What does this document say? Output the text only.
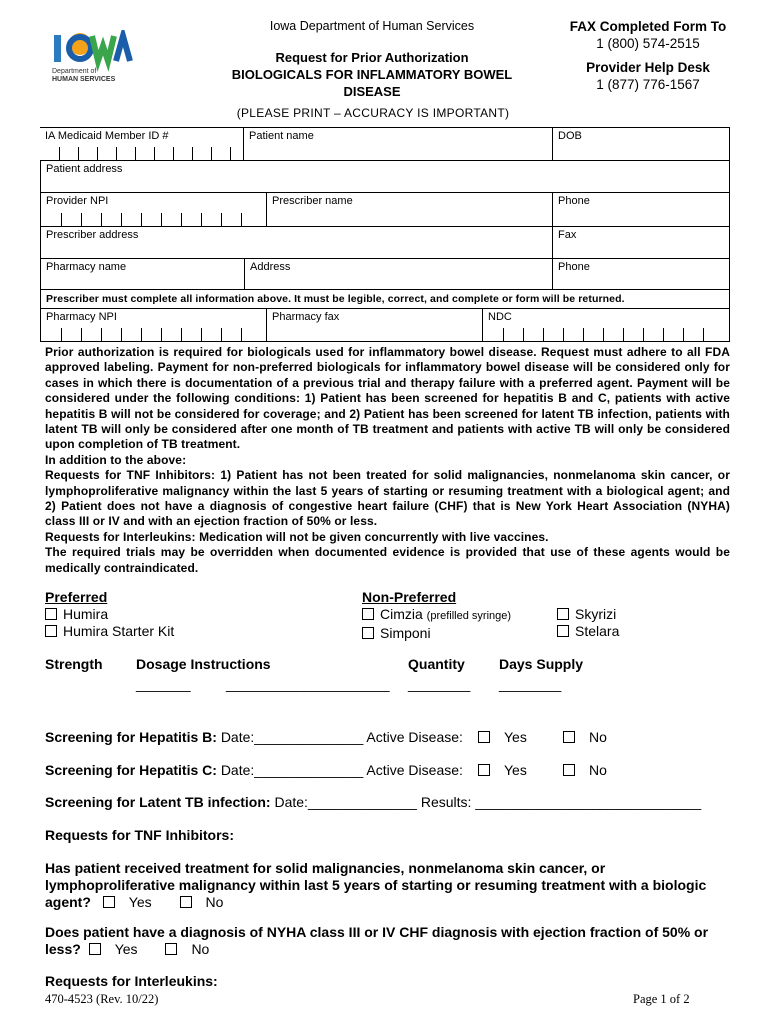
Department of
HUMAN SERVICES
Iowa Department of Human Services
Request for Prior Authorization
BIOLOGICALS FOR INFLAMMATORY BOWEL
DISEASE
FAX Completed Form To
1 (800) 574-2515
Provider Help Desk
1 (877) 776-1567
(PLEASE PRINT – ACCURACY IS IMPORTANT)
IA Medicaid Member ID #	Patient name	DOB
Patient address
Provider NPI	Prescriber name	Phone
Prescriber address	Fax
Pharmacy name	Address	Phone
Prescriber must complete all information above. It must be legible, correct, and complete or form will be returned.
Pharmacy NPI	Pharmacy fax	NDC

Prior authorization is required for biologicals used for inflammatory bowel disease. Request must adhere to all FDA approved labeling. Payment for non-preferred biologicals for inflammatory bowel disease will be considered only for cases in which there is documentation of a previous trial and therapy failure with a preferred agent. Payment will be considered under the following conditions: 1) Patient has been screened for hepatitis B and C, patients with active hepatitis B will not be considered for coverage; and 2) Patient has been screened for latent TB infection, patients with latent TB will only be considered after one month of TB treatment and patients with active TB will only be considered upon completion of TB treatment.

In addition to the above:

Requests for TNF Inhibitors: 1) Patient has not been treated for solid malignancies, nonmelanoma skin cancer, or lymphoproliferative malignancy within the last 5 years of starting or resuming treatment with a biological agent; and 2) Patient does not have a diagnosis of congestive heart failure (CHF) that is New York Heart Association (NYHA) class III or IV and with an ejection fraction of 50% or less.

Requests for Interleukins: Medication will not be given concurrently with live vaccines.

The required trials may be overridden when documented evidence is provided that use of these agents would be medically contraindicated.

Preferred
Humira
Humira Starter Kit
Non-Preferred
Cimzia (prefilled syringe)
Simponi
Skyrizi
Stelara
Strength Dosage Instructions	Quantity Days Supply
_______	_____________________ ________ ________
Screening for Hepatitis B: Date:______________ Active Disease:	Yes	No
Screening for Hepatitis C: Date:______________ Active Disease:	Yes	No
Screening for Latent TB infection: Date:______________ Results: _____________________________
Requests for TNF Inhibitors:
Has patient received treatment for solid malignancies, nonmelanoma skin cancer, or
lymphoproliferative malignancy within last 5 years of starting or resuming treatment with a biologic
agent?	Yes	No
Does patient have a diagnosis of NYHA class III or IV CHF diagnosis with ejection fraction of 50% or
less? Yes	No
Requests for Interleukins:
470-4523 (Rev. 10/22)	Page 1 of 2
